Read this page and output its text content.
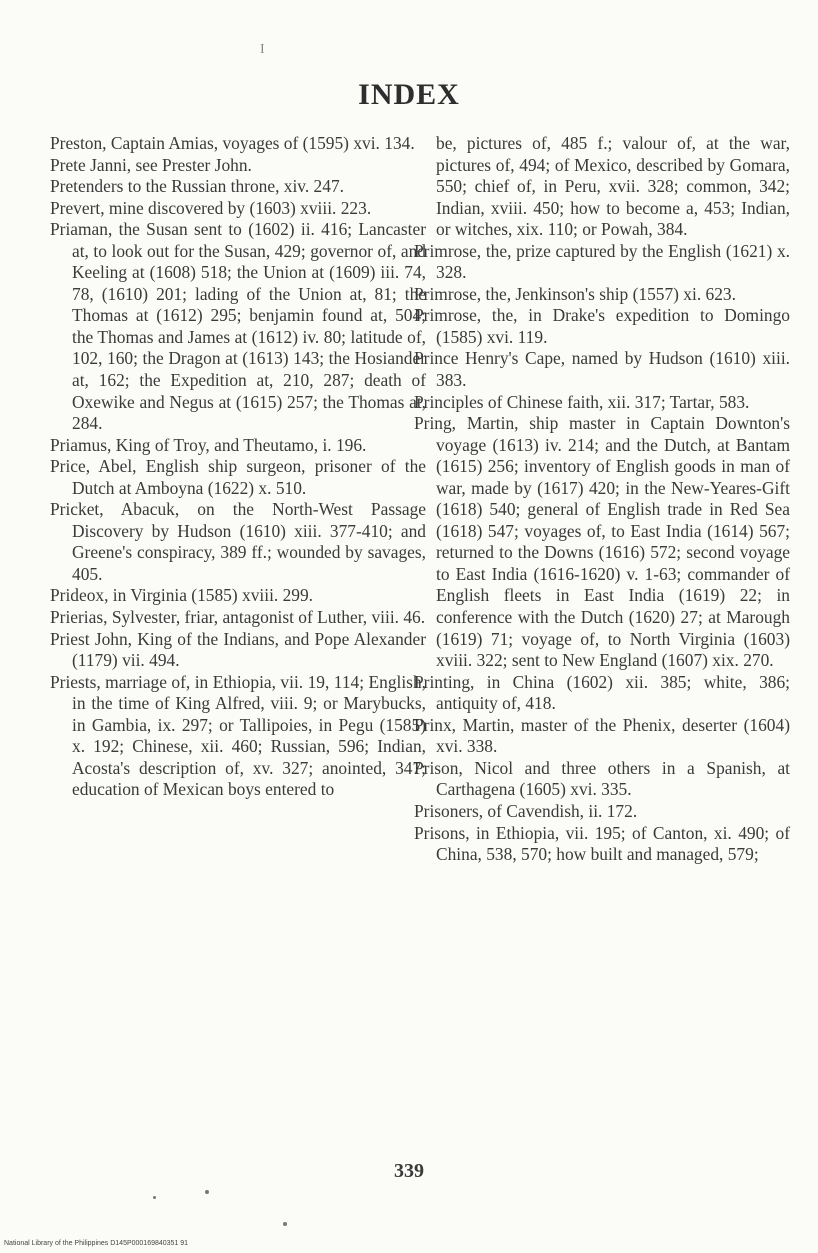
I
INDEX

Preston, Captain Amias, voyages of (1595) xvi. 134.

Prete Janni, see Prester John.

Pretenders to the Russian throne, xiv. 247.

Prevert, mine discovered by (1603) xviii. 223.

Priaman, the Susan sent to (1602) ii. 416; Lancaster at, to look out for the Susan, 429; governor of, and Keeling at (1608) 518; the Union at (1609) iii. 74, 78, (1610) 201; lading of the Union at, 81; the Thomas at (1612) 295; benjamin found at, 504; the Thomas and James at (1612) iv. 80; latitude of, 102, 160; the Dragon at (1613) 143; the Hosiander at, 162; the Expedition at, 210, 287; death of Oxewike and Negus at (1615) 257; the Thomas at, 284.

Priamus, King of Troy, and Theutamo, i. 196.

Price, Abel, English ship surgeon, prisoner of the Dutch at Amboyna (1622) x. 510.

Pricket, Abacuk, on the North-West Passage Discovery by Hudson (1610) xiii. 377-410; and Greene's conspiracy, 389 ff.; wounded by savages, 405.

Prideox, in Virginia (1585) xviii. 299.

Prierias, Sylvester, friar, antagonist of Luther, viii. 46.

Priest John, King of the Indians, and Pope Alexander (1179) vii. 494.

Priests, marriage of, in Ethiopia, vii. 19, 114; English, in the time of King Alfred, viii. 9; or Marybucks, in Gambia, ix. 297; or Tallipoies, in Pegu (1585) x. 192; Chinese, xii. 460; Russian, 596; Indian, Acosta's description of, xv. 327; anointed, 347; education of Mexican boys entered to

be, pictures of, 485 f.; valour of, at the war, pictures of, 494; of Mexico, described by Gomara, 550; chief of, in Peru, xvii. 328; common, 342; Indian, xviii. 450; how to become a, 453; Indian, or witches, xix. 110; or Powah, 384.

Primrose, the, prize captured by the English (1621) x. 328.

Primrose, the, Jenkinson's ship (1557) xi. 623.

Primrose, the, in Drake's expedition to Domingo (1585) xvi. 119.

Prince Henry's Cape, named by Hudson (1610) xiii. 383.

Principles of Chinese faith, xii. 317; Tartar, 583.

Pring, Martin, ship master in Captain Downton's voyage (1613) iv. 214; and the Dutch, at Bantam (1615) 256; inventory of English goods in man of war, made by (1617) 420; in the New-Yeares-Gift (1618) 540; general of English trade in Red Sea (1618) 547; voyages of, to East India (1614) 567; returned to the Downs (1616) 572; second voyage to East India (1616-1620) v. 1-63; commander of English fleets in East India (1619) 22; in conference with the Dutch (1620) 27; at Marough (1619) 71; voyage of, to North Virginia (1603) xviii. 322; sent to New England (1607) xix. 270.

Printing, in China (1602) xii. 385; white, 386; antiquity of, 418.

Prinx, Martin, master of the Phenix, deserter (1604) xvi. 338.

Prison, Nicol and three others in a Spanish, at Carthagena (1605) xvi. 335.

Prisoners, of Cavendish, ii. 172.

Prisons, in Ethiopia, vii. 195; of Canton, xi. 490; of China, 538, 570; how built and managed, 579;

339
National Library of the Philippines D145P000169840351 91
